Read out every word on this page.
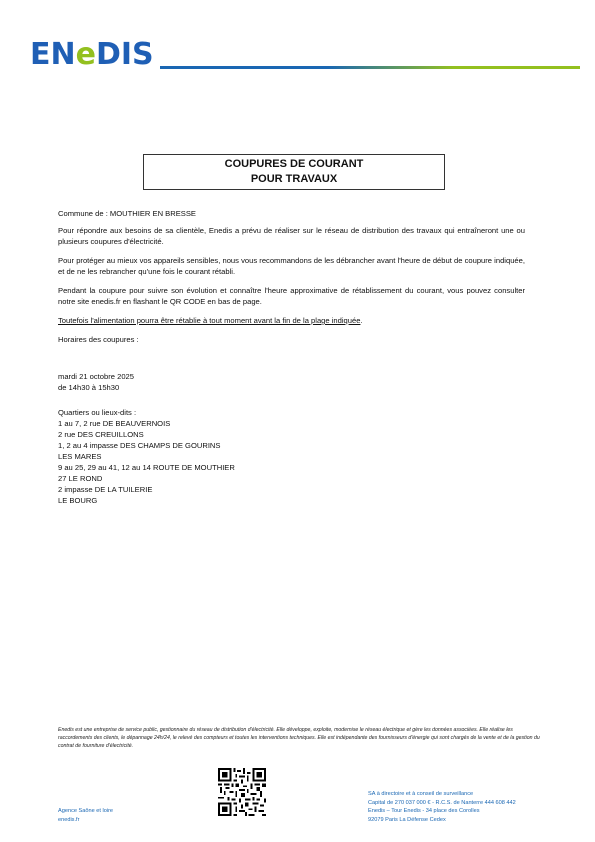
ENeDIS
COUPURES DE COURANT
POUR TRAVAUX
Commune de : MOUTHIER EN BRESSE
Pour répondre aux besoins de sa clientèle, Enedis a prévu de réaliser sur le réseau de distribution des travaux qui entraîneront une ou plusieurs coupures d'électricité.
Pour protéger au mieux vos appareils sensibles, nous vous recommandons de les débrancher avant l'heure de début de coupure indiquée, et de ne les rebrancher qu'une fois le courant rétabli.
Pendant la coupure pour suivre son évolution et connaître l'heure approximative de rétablissement du courant, vous pouvez consulter notre site enedis.fr en flashant le QR CODE en bas de page.
Toutefois l'alimentation pourra être rétablie à tout moment avant la fin de la plage indiquée.
Horaires des coupures :
mardi 21 octobre 2025
de 14h30 à 15h30
Quartiers ou lieux-dits :
1 au 7, 2 rue DE BEAUVERNOIS
2 rue DES CREUILLONS
1, 2 au 4 impasse DES CHAMPS DE GOURINS
LES MARES
9 au 25, 29 au 41, 12 au 14 ROUTE DE MOUTHIER
27 LE ROND
2 impasse DE LA TUILERIE
LE BOURG
Enedis est une entreprise de service public, gestionnaire du réseau de distribution d'électricité. Elle développe, exploite, modernise le réseau électrique et gère les données associées. Elle réalise les raccordements des clients, le dépannage 24h/24, le relevé des compteurs et toutes les interventions techniques. Elle est indépendante des fournisseurs d'énergie qui sont chargés de la vente et de la gestion du contrat de fourniture d'électricité.
Agence Saône et loire
enedis.fr
SA à directoire et à conseil de surveillance
Capital de 270 037 000 € - R.C.S. de Nanterre 444 608 442
Enedis – Tour Enedis - 34 place des Corolles
92079 Paris La Défense Cedex
